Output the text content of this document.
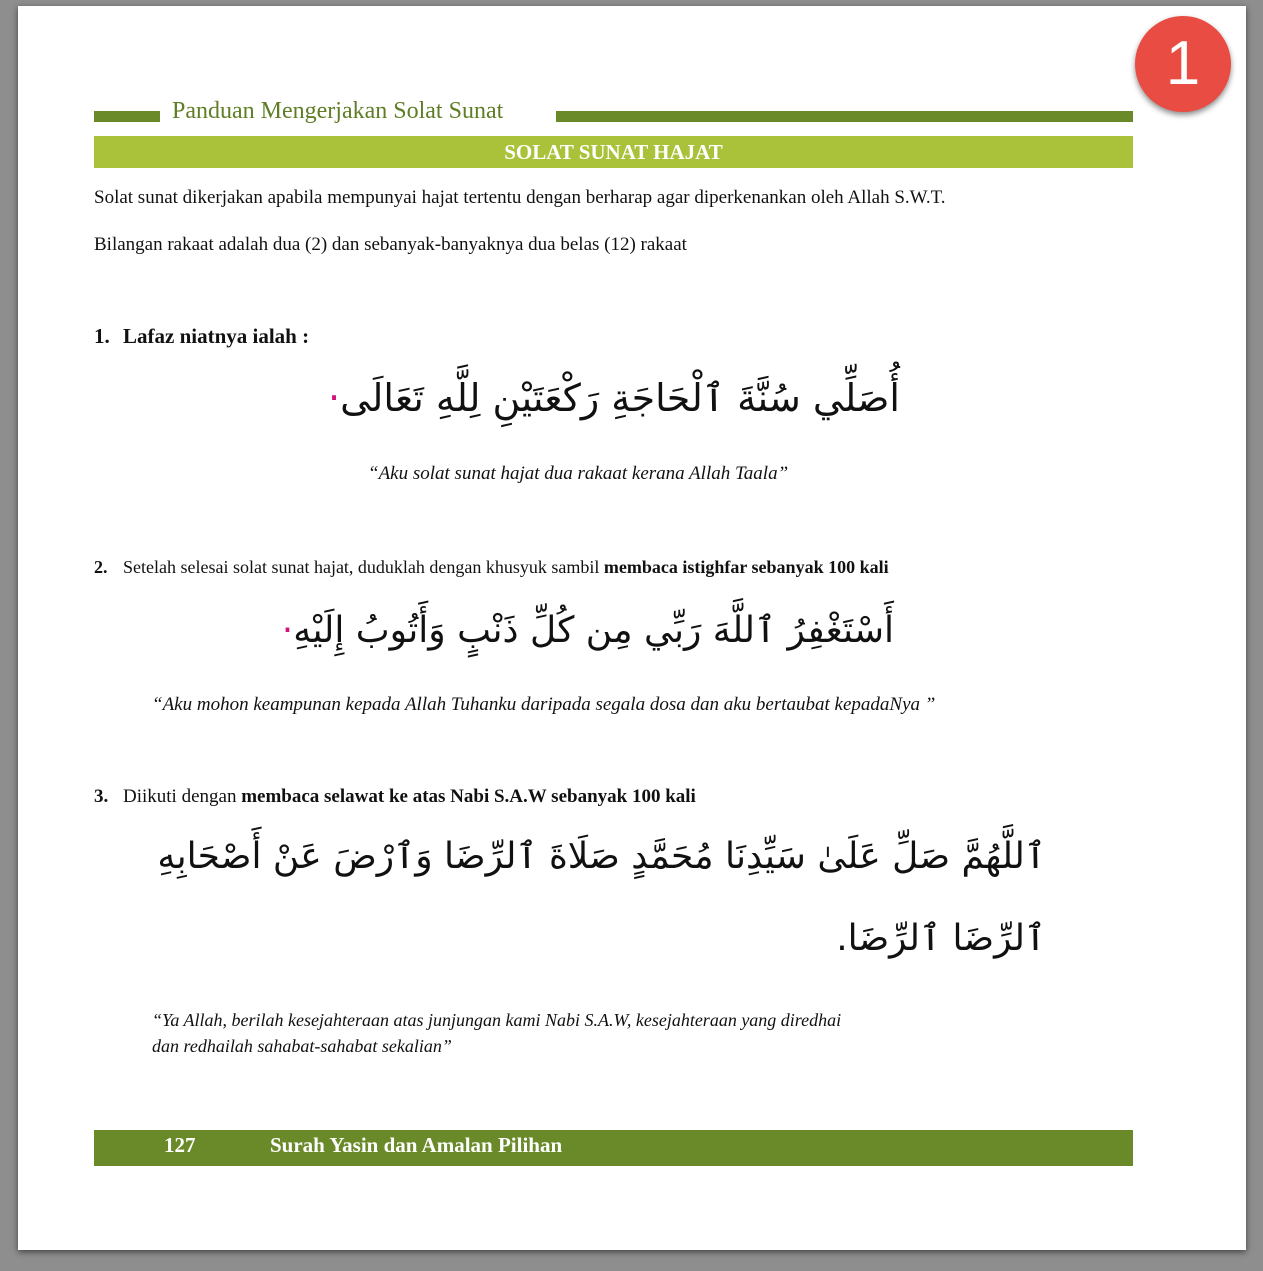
1
Panduan Mengerjakan Solat Sunat
SOLAT SUNAT HAJAT
Solat sunat dikerjakan apabila mempunyai hajat tertentu dengan berharap agar diperkenankan oleh Allah S.W.T.
Bilangan rakaat adalah dua (2) dan sebanyak-banyaknya dua belas (12) rakaat
1. Lafaz niatnya ialah :
أُصَلِّي سُنَّةَ ٱلْحَاجَةِ رَكْعَتَيْنِ لِلَّهِ تَعَالَى·
“Aku solat sunat hajat dua rakaat kerana Allah Taala”
2. Setelah selesai solat sunat hajat, duduklah dengan khusyuk sambil membaca istighfar sebanyak 100 kali
أَسْتَغْفِرُ ٱللَّهَ رَبِّي مِن كُلِّ ذَنْبٍ وَأَتُوبُ إِلَيْهِ·
“Aku mohon keampunan kepada Allah Tuhanku daripada segala dosa dan aku bertaubat kepadaNya ”
3. Diikuti dengan membaca selawat ke atas Nabi S.A.W sebanyak 100 kali
ٱللَّهُمَّ صَلِّ عَلَىٰ سَيِّدِنَا مُحَمَّدٍ صَلَاةَ ٱلرِّضَا وَٱرْضَ عَنْ أَصْحَابِهِ
ٱلرِّضَا ٱلرِّضَا.
“Ya Allah, berilah kesejahteraan atas junjungan kami Nabi S.A.W, kesejahteraan yang diredhai
dan redhailah sahabat-sahabat sekalian”
127	Surah Yasin dan Amalan Pilihan
